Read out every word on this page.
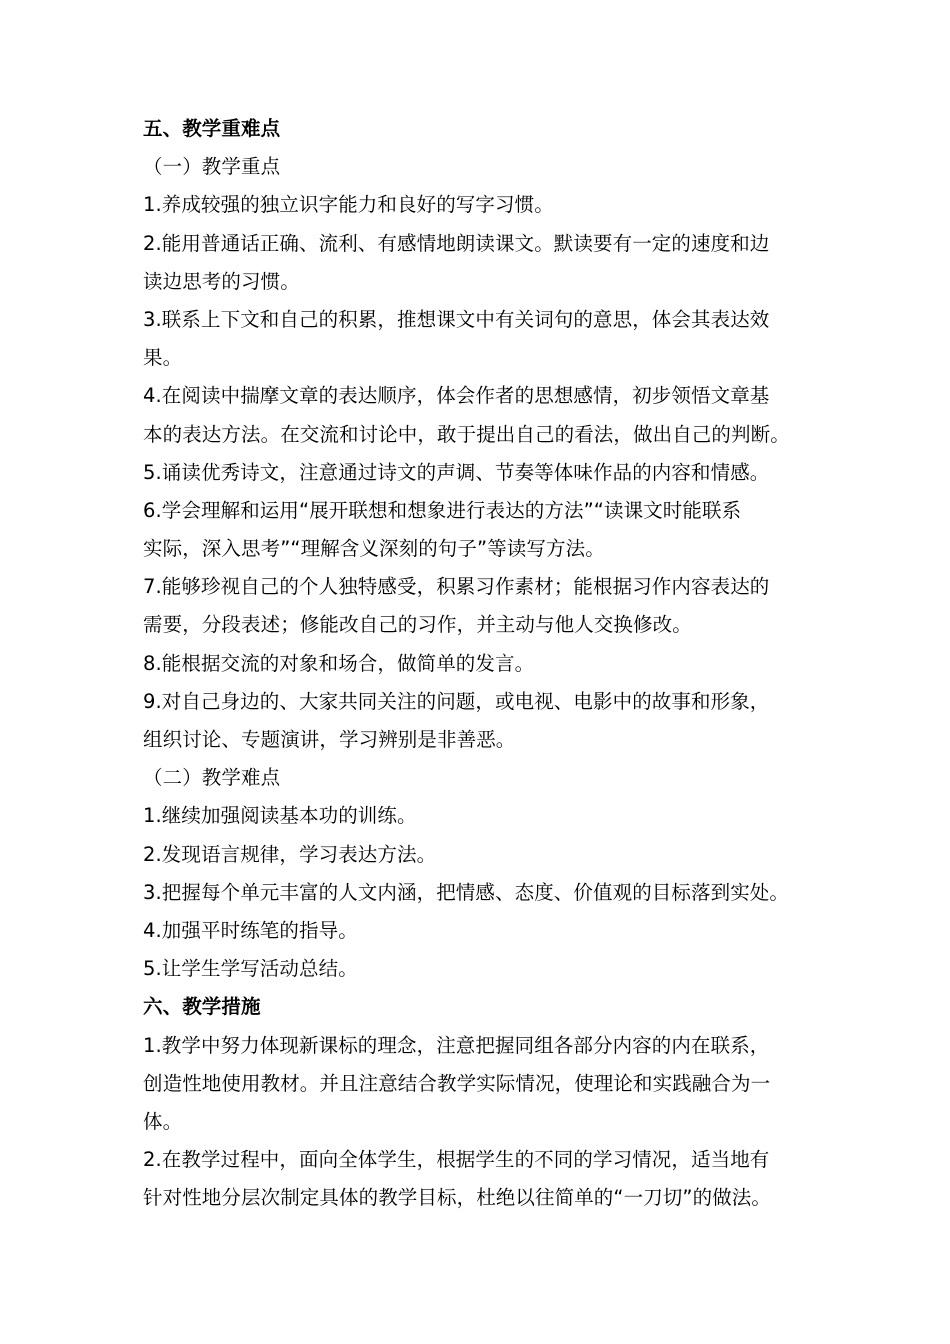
五、教学重难点
（一）教学重点
1.养成较强的独立识字能力和良好的写字习惯。
2.能用普通话正确、流利、有感情地朗读课文。默读要有一定的速度和边
读边思考的习惯。
3.联系上下文和自己的积累，推想课文中有关词句的意思，体会其表达效
果。
4.在阅读中揣摩文章的表达顺序，体会作者的思想感情，初步领悟文章基
本的表达方法。在交流和讨论中，敢于提出自己的看法，做出自己的判断。
5.诵读优秀诗文，注意通过诗文的声调、节奏等体味作品的内容和情感。
6.学会理解和运用“展开联想和想象进行表达的方法”“读课文时能联系
实际，深入思考”“理解含义深刻的句子”等读写方法。
7.能够珍视自己的个人独特感受，积累习作素材；能根据习作内容表达的
需要，分段表述；修能改自己的习作，并主动与他人交换修改。
8.能根据交流的对象和场合，做简单的发言。
9.对自己身边的、大家共同关注的问题，或电视、电影中的故事和形象，
组织讨论、专题演讲，学习辨别是非善恶。
（二）教学难点
1.继续加强阅读基本功的训练。
2.发现语言规律，学习表达方法。
3.把握每个单元丰富的人文内涵，把情感、态度、价值观的目标落到实处。
4.加强平时练笔的指导。
5.让学生学写活动总结。
六、教学措施
1.教学中努力体现新课标的理念，注意把握同组各部分内容的内在联系，
创造性地使用教材。并且注意结合教学实际情况，使理论和实践融合为一
体。
2.在教学过程中，面向全体学生，根据学生的不同的学习情况，适当地有
针对性地分层次制定具体的教学目标，杜绝以往简单的“一刀切”的做法。
